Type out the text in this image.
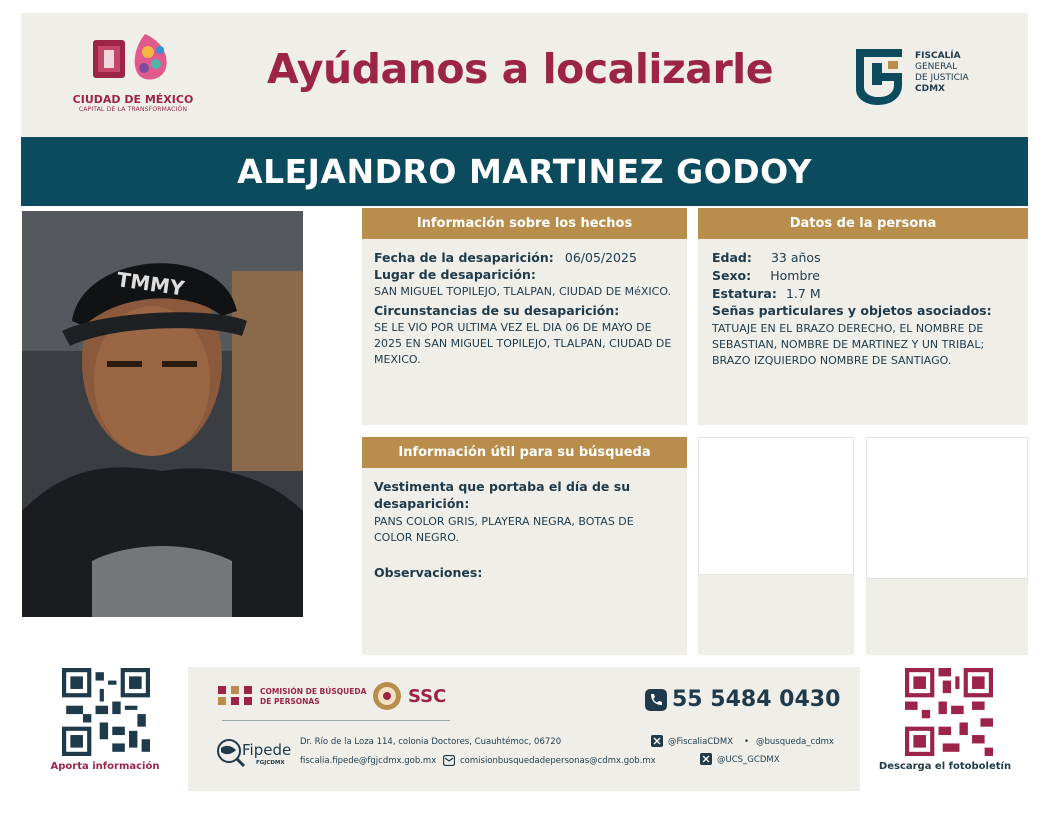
CIUDAD DE MÉXICO
CAPITAL DE LA TRANSFORMACIÓN
Ayúdanos a localizarle	FISCALÍA
GENERAL
DE JUSTICIA
CDMX
ALEJANDRO MARTINEZ GODOY
TMMY
Información sobre los hechos
Fecha de la desaparición: 06/05/2025
Lugar de desaparición:
SAN MIGUEL TOPILEJO, TLALPAN, CIUDAD DE MéXICO.
Circunstancias de su desaparición:
SE LE VIO POR ULTIMA VEZ EL DIA 06 DE MAYO DE 2025 EN SAN MIGUEL TOPILEJO, TLALPAN, CIUDAD DE MEXICO.
Datos de la persona
Edad: 33 años
Sexo: Hombre
Estatura: 1.7 M
Señas particulares y objetos asociados:
TATUAJE EN EL BRAZO DERECHO, EL NOMBRE DE SEBASTIAN, NOMBRE DE MARTINEZ Y UN TRIBAL; BRAZO IZQUIERDO NOMBRE DE SANTIAGO.
Información útil para su búsqueda
Vestimenta que portaba el día de su desaparición:
PANS COLOR GRIS, PLAYERA NEGRA, BOTAS DE COLOR NEGRO.
Observaciones:
Aporta información
COMISIÓN DE BÚSQUEDA
DE PERSONAS	SSC
Fipede
FGJCDMX
Dr. Río de la Loza 114, colonia Doctores, Cuauhtémoc, 06720
fiscalia.fipede@fgjcdmx.gob.mx	comisionbusquedadepersonas@cdmx.gob.mx
55 5484 0430
@FiscaliaCDMX • @busqueda_cdmx
@UCS_GCDMX
Descarga el fotoboletín
